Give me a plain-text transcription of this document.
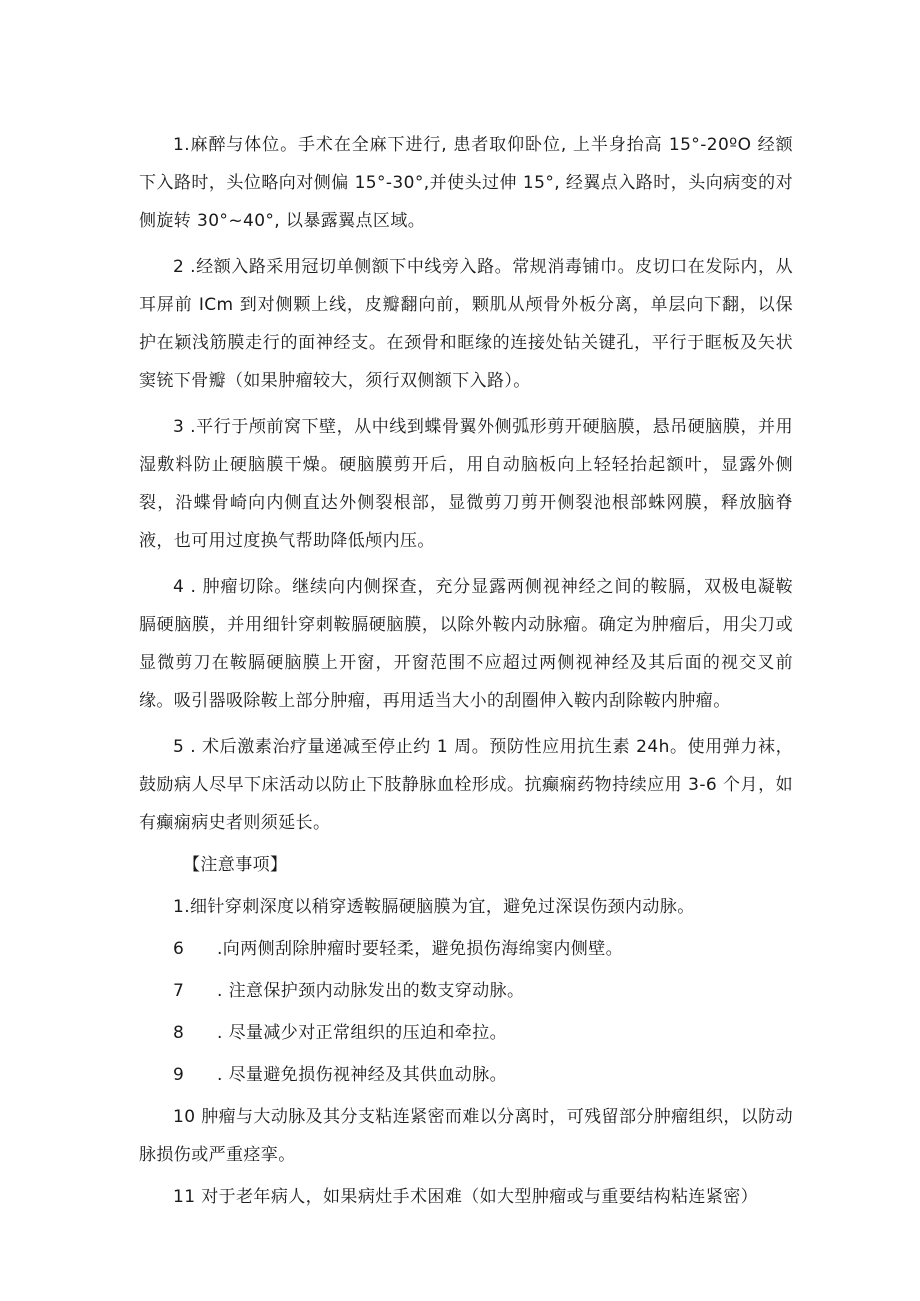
1.麻醉与体位。手术在全麻下进行, 患者取仰卧位, 上半身抬高 15°-20ºO 经额下入路时，头位略向对侧偏 15°-30°,并使头过伸 15°, 经翼点入路时，头向病变的对侧旋转 30°~40°, 以暴露翼点区域。

2 .经额入路采用冠切单侧额下中线旁入路。常规消毒铺巾。皮切口在发际内，从耳屏前 ICm 到对侧颗上线，皮瓣翻向前，颗肌从颅骨外板分离，单层向下翻，以保护在颖浅筋膜走行的面神经支。在颈骨和眶缘的连接处钻关键孔，平行于眶板及矢状窦铳下骨瓣（如果肿瘤较大，须行双侧额下入路）。

3 .平行于颅前窝下壁，从中线到蝶骨翼外侧弧形剪开硬脑膜，悬吊硬脑膜，并用湿敷料防止硬脑膜干燥。硬脑膜剪开后，用自动脑板向上轻轻抬起额叶，显露外侧裂，沿蝶骨崎向内侧直达外侧裂根部，显微剪刀剪开侧裂池根部蛛网膜，释放脑脊液，也可用过度换气帮助降低颅内压。

4 . 肿瘤切除。继续向内侧探查，充分显露两侧视神经之间的鞍膈，双极电凝鞍膈硬脑膜，并用细针穿刺鞍膈硬脑膜，以除外鞍内动脉瘤。确定为肿瘤后，用尖刀或显微剪刀在鞍膈硬脑膜上开窗，开窗范围不应超过两侧视神经及其后面的视交叉前缘。吸引器吸除鞍上部分肿瘤，再用适当大小的刮圈伸入鞍内刮除鞍内肿瘤。

5 . 术后激素治疗量递减至停止约 1 周。预防性应用抗生素 24h。使用弹力袜，鼓励病人尽早下床活动以防止下肢静脉血栓形成。抗癫痫药物持续应用 3-6 个月，如有癫痫病史者则须延长。

【注意事项】

1.细针穿刺深度以稍穿透鞍膈硬脑膜为宜，避免过深误伤颈内动脉。

6 .向两侧刮除肿瘤时要轻柔，避免损伤海绵窦内侧壁。
7 . 注意保护颈内动脉发出的数支穿动脉。
8 . 尽量减少对正常组织的压迫和牵拉。
9 . 尽量避免损伤视神经及其供血动脉。

10 肿瘤与大动脉及其分支粘连紧密而难以分离时，可残留部分肿瘤组织，以防动脉损伤或严重痉挛。

11 对于老年病人，如果病灶手术困难（如大型肿瘤或与重要结构粘连紧密）
